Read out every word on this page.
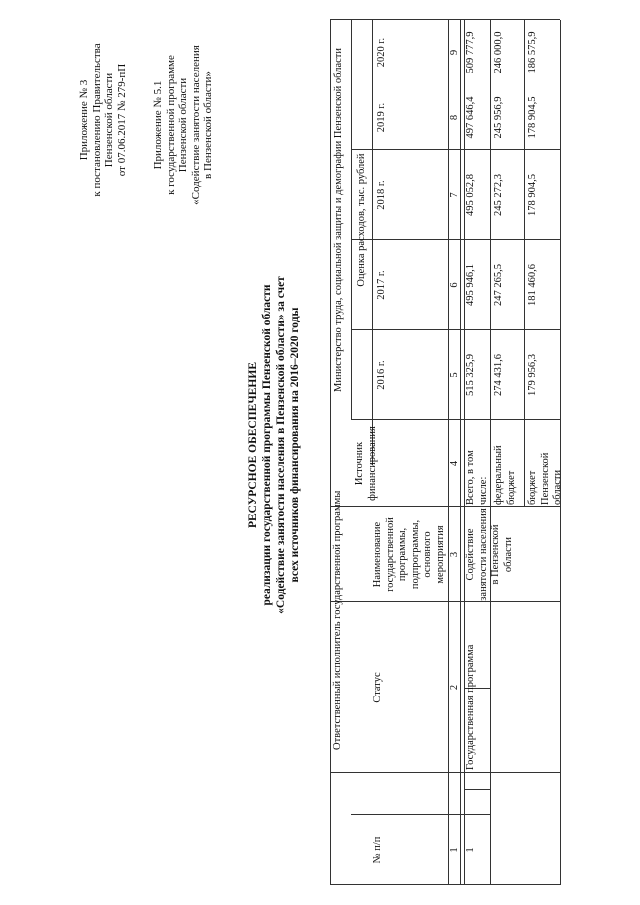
Приложение № 3 к постановлению Правительства Пензенской области от 07.06.2017 № 279-пП Приложение № 5.1 к государственной программе Пензенской области «Содействие занятости населения в Пензенской области»
РЕСУРСНОЕ ОБЕСПЕЧЕНИЕ реализации государственной программы Пензенской области «Содействие занятости населения в Пензенской области» за счет всех источников финансирования на 2016–2020 годы
Ответственный исполнитель государственной программы
Министерство труда, социальной защиты и демографии Пензенской области
№ п/п
Статус
Наименование государственной программы, подпрограммы, основного мероприятия
Источник финансирования
Оценка расходов, тыс. рублей
2016 г.
2017 г.
2018 г.
2019 г.
2020 г.
1
2
3
4
5
6
7
8
9
1
Государственная программа
Содействие занятости населения в Пензенской области
Всего, в том числе:
515 325,9
495 946,1
495 052,8
497 646,4
509 777,9
федеральный бюджет
274 431,6
247 265,5
245 272,3
245 956,9
246 000,0
бюджет Пензенской области
179 956,3
181 460,6
178 904,5
178 904,5
186 575,9
